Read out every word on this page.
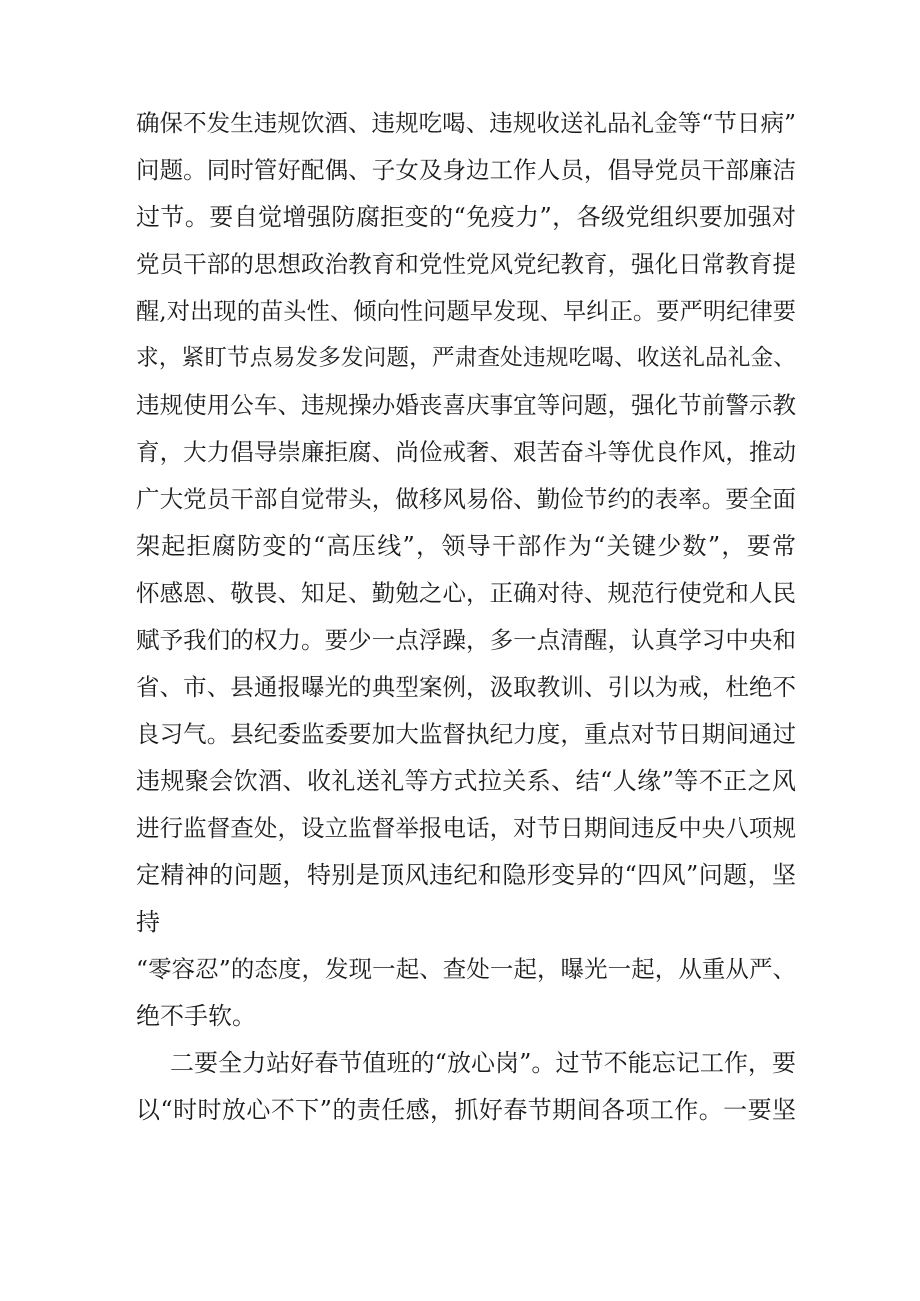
确保不发生违规饮酒、违规吃喝、违规收送礼品礼金等“节日病”
问题。同时管好配偶、子女及身边工作人员，倡导党员干部廉洁
过节。要自觉增强防腐拒变的“免疫力”，各级党组织要加强对
党员干部的思想政治教育和党性党风党纪教育，强化日常教育提
醒,对出现的苗头性、倾向性问题早发现、早纠正。要严明纪律要
求，紧盯节点易发多发问题，严肃查处违规吃喝、收送礼品礼金、
违规使用公车、违规操办婚丧喜庆事宜等问题，强化节前警示教
育，大力倡导崇廉拒腐、尚俭戒奢、艰苦奋斗等优良作风，推动
广大党员干部自觉带头，做移风易俗、勤俭节约的表率。要全面
架起拒腐防变的“高压线”，领导干部作为“关键少数”，要常
怀感恩、敬畏、知足、勤勉之心，正确对待、规范行使党和人民
赋予我们的权力。要少一点浮躁，多一点清醒，认真学习中央和
省、市、县通报曝光的典型案例，汲取教训、引以为戒，杜绝不
良习气。县纪委监委要加大监督执纪力度，重点对节日期间通过
违规聚会饮酒、收礼送礼等方式拉关系、结“人缘”等不正之风
进行监督查处，设立监督举报电话，对节日期间违反中央八项规
定精神的问题，特别是顶风违纪和隐形变异的“四风”问题，坚
持
“零容忍”的态度，发现一起、查处一起，曝光一起，从重从严、
绝不手软。
二要全力站好春节值班的“放心岗”。过节不能忘记工作，要
以“时时放心不下”的责任感，抓好春节期间各项工作。一要坚
